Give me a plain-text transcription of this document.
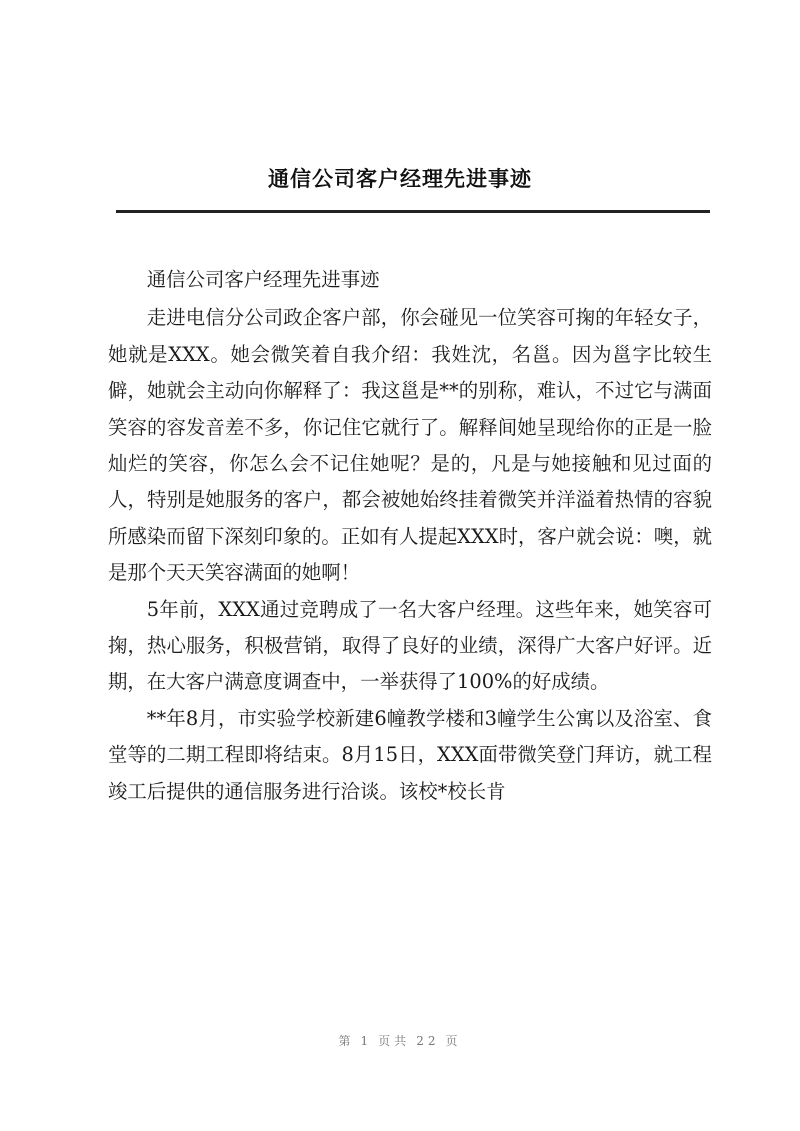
通信公司客户经理先进事迹

通信公司客户经理先进事迹

走进电信分公司政企客户部，你会碰见一位笑容可掬的年轻女子，她就是XXX。她会微笑着自我介绍：我姓沈，名邕。因为邕字比较生僻，她就会主动向你解释了：我这邕是**的别称，难认，不过它与满面笑容的容发音差不多，你记住它就行了。解释间她呈现给你的正是一脸灿烂的笑容，你怎么会不记住她呢？是的，凡是与她接触和见过面的人，特别是她服务的客户，都会被她始终挂着微笑并洋溢着热情的容貌所感染而留下深刻印象的。正如有人提起XXX时，客户就会说：噢，就是那个天天笑容满面的她啊！

5年前，XXX通过竞聘成了一名大客户经理。这些年来，她笑容可掬，热心服务，积极营销，取得了良好的业绩，深得广大客户好评。近期，在大客户满意度调查中，一举获得了100%的好成绩。

**年8月，市实验学校新建6幢教学楼和3幢学生公寓以及浴室、食堂等的二期工程即将结束。8月15日，XXX面带微笑登门拜访，就工程竣工后提供的通信服务进行洽谈。该校*校长肯

第 1 页共 22 页
